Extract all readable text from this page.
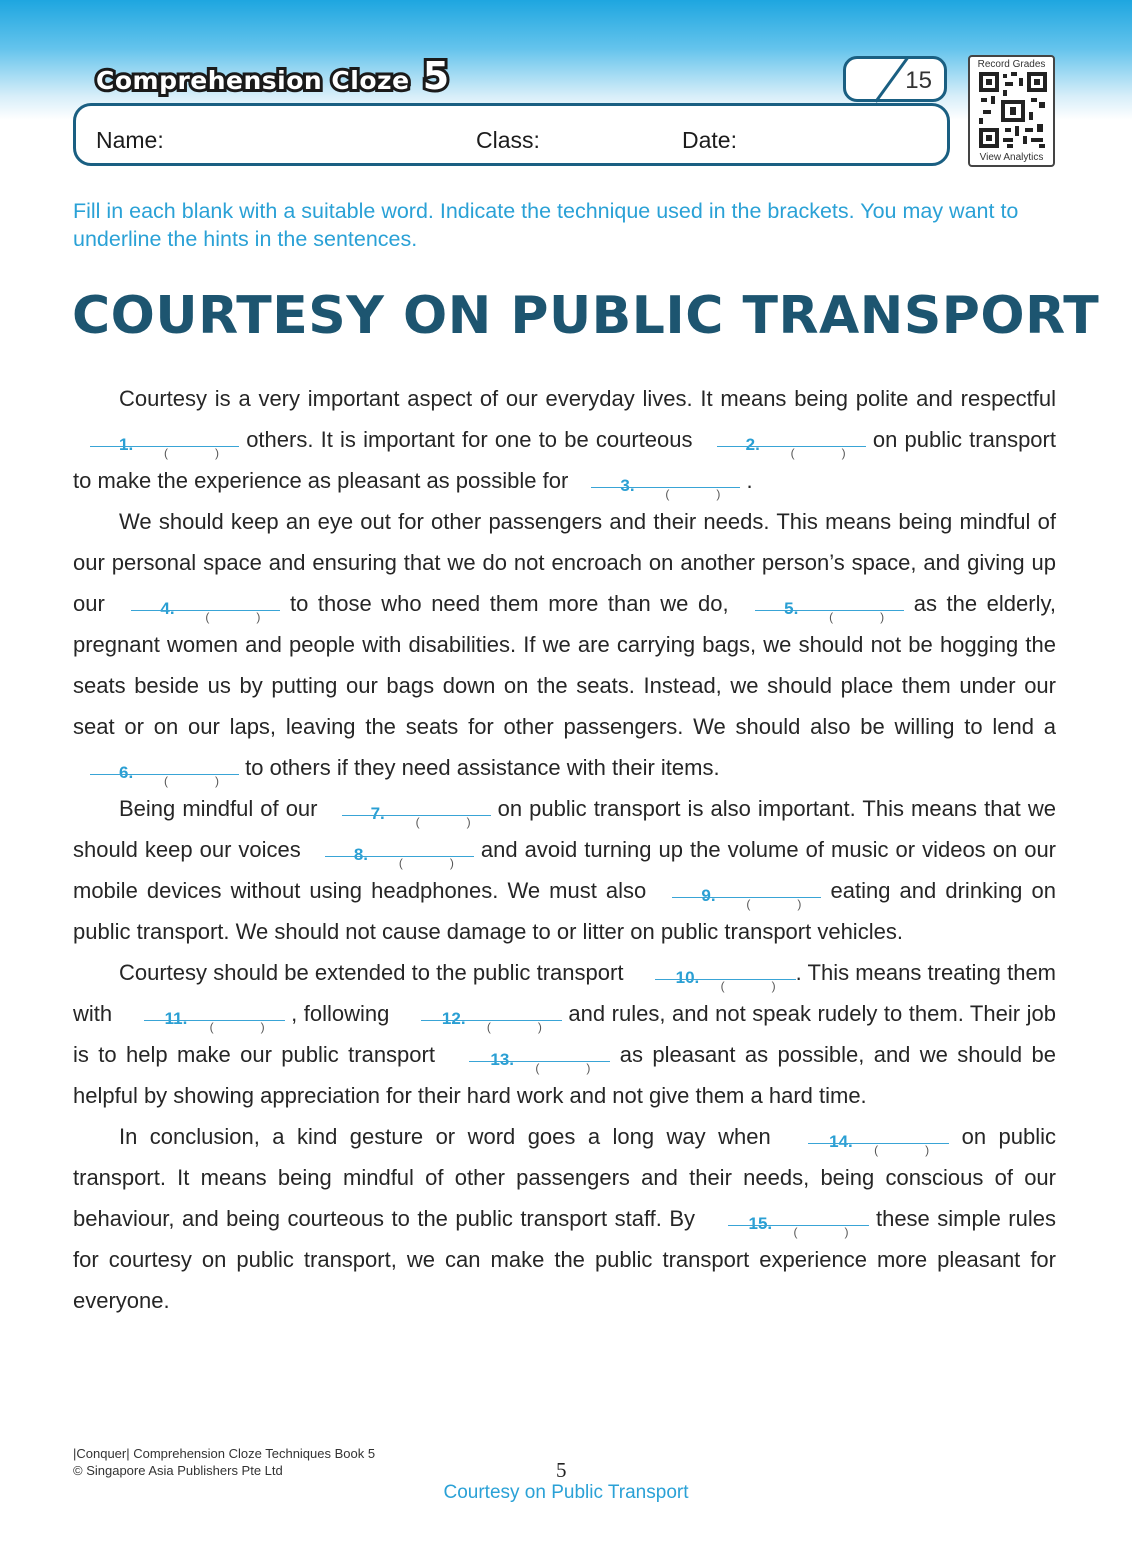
Comprehension Cloze 5	15
Name:	Class:	Date:
Record Grades
View Analytics
Fill in each blank with a suitable word. Indicate the technique used in the brackets. You may want to underline the hints in the sentences.
COURTESY ON PUBLIC TRANSPORT

Courtesy is a very important aspect of our everyday lives. It means being polite and respectful
1.	(	)
others. It is important for one to be courteous	2.	(	)
on public transport to make the experience as pleasant as possible for	3.	(	)
.

We should keep an eye out for other passengers and their needs. This means being mindful of our personal space and ensuring that we do not encroach on another person’s space, and giving up our	4.	(	)
to those who need them more than we do,	5.	(	)
as the elderly, pregnant women and people with disabilities. If we are carrying bags, we should not be hogging the seats beside us by putting our bags down on the seats. Instead, we should place them under our seat or on our laps, leaving the seats for other passengers. We should also be willing to lend a
6.	(	)
to others if they need assistance with their items.

Being mindful of our	7.	(	)
on public transport is also important. This means that we should keep our voices	8.	(	)
and avoid turning up the volume of music or videos on our mobile devices without using headphones. We must also	9.	(	)
eating and drinking on public transport. We should not cause damage to or litter on public transport vehicles.

Courtesy should be extended to the public transport	10.	(	)
. This means treating them with	11.	(	)
, following	12.	(	)
and rules, and not speak rudely to them. Their job is to help make our public transport	13.	(	)
as pleasant as possible, and we should be helpful by showing appreciation for their hard work and not give them a hard time.

In conclusion, a kind gesture or word goes a long way when	14.	(	)
on public transport. It means being mindful of other passengers and their needs, being conscious of our behaviour, and being courteous to the public transport staff. By	15.	(	)
these simple rules for courtesy on public transport, we can make the public transport experience more pleasant for everyone.

|Conquer| Comprehension Cloze Techniques Book 5
© Singapore Asia Publishers Pte Ltd	5
Courtesy on Public Transport
